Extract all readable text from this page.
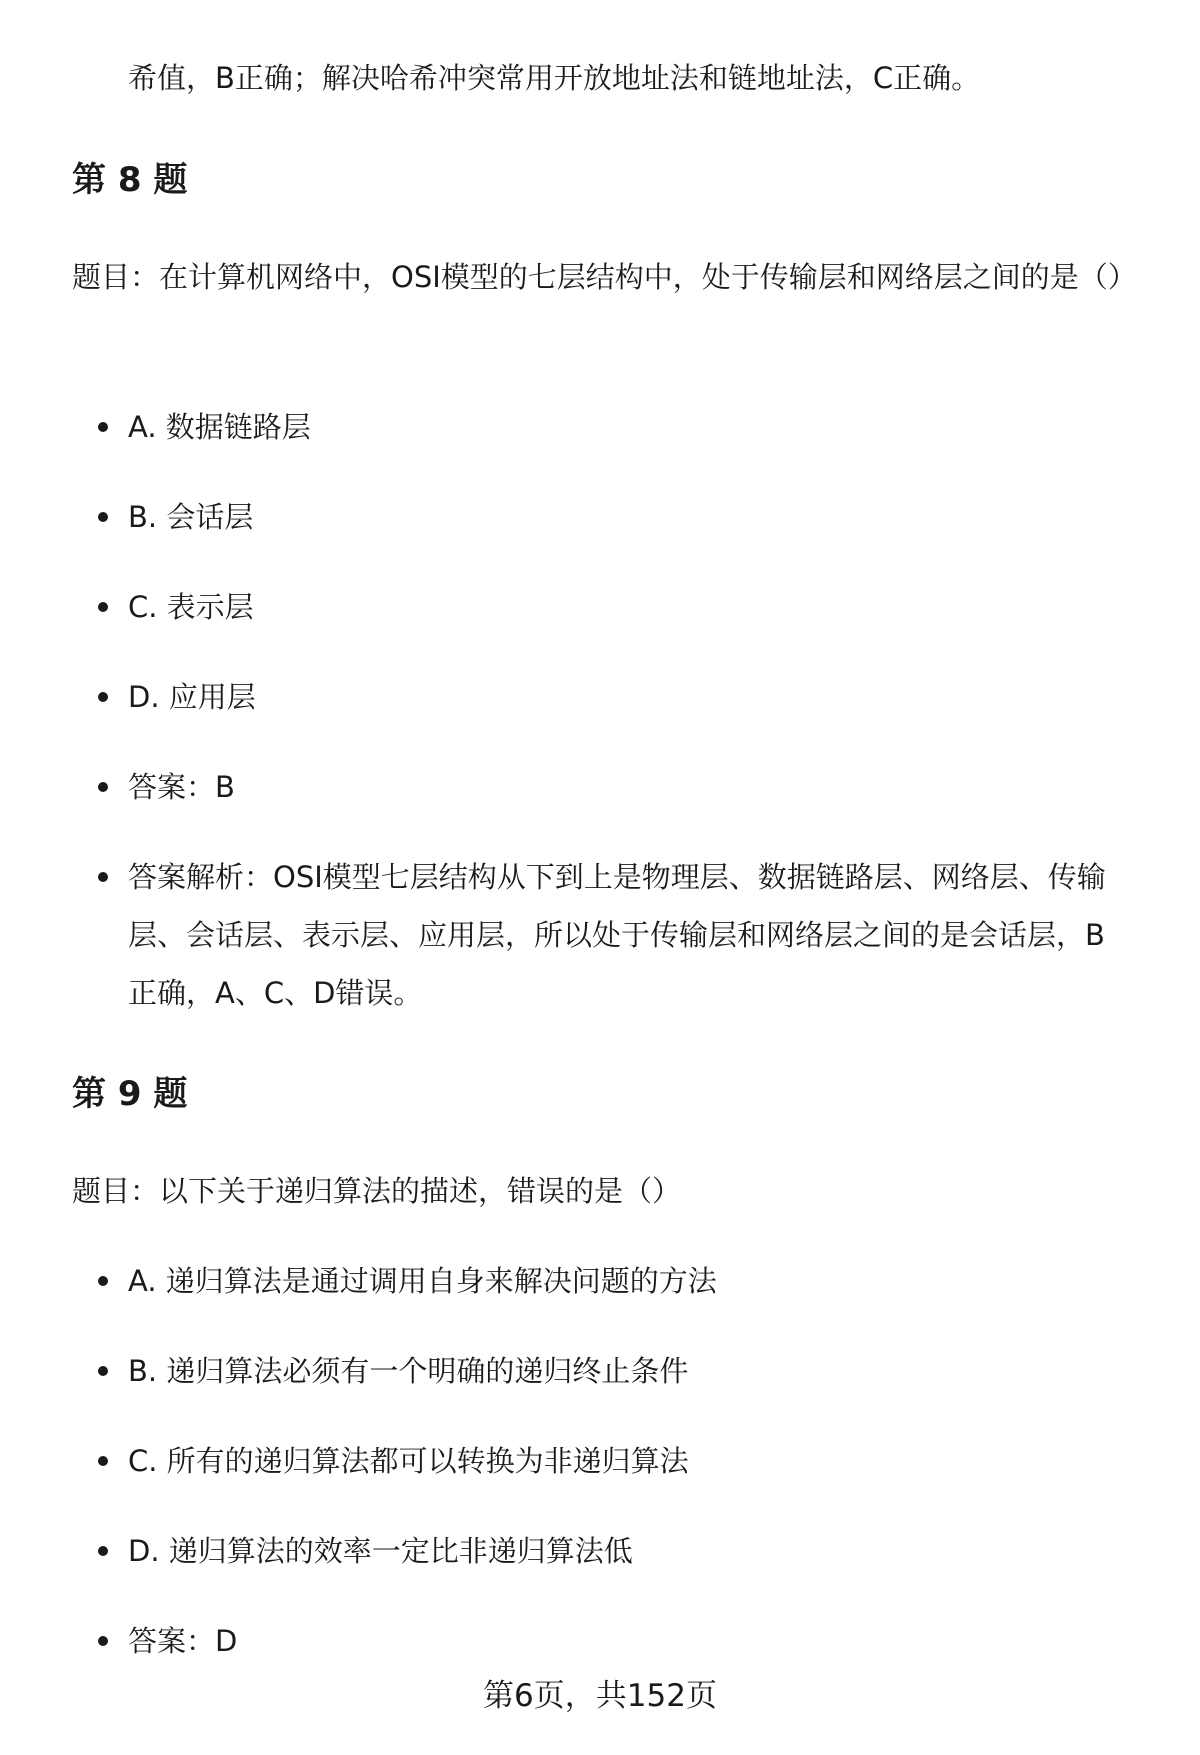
希值，B正确；解决哈希冲突常用开放地址法和链地址法，C正确。

第 8 题

题目：在计算机网络中，OSI模型的七层结构中，处于传输层和网络层之间的是（）

A. 数据链路层
B. 会话层
C. 表示层
D. 应用层
答案：B
答案解析：OSI模型七层结构从下到上是物理层、数据链路层、网络层、传输层、会话层、表示层、应用层，所以处于传输层和网络层之间的是会话层，B正确，A、C、D错误。
第 9 题

题目：以下关于递归算法的描述，错误的是（）

A. 递归算法是通过调用自身来解决问题的方法
B. 递归算法必须有一个明确的递归终止条件
C. 所有的递归算法都可以转换为非递归算法
D. 递归算法的效率一定比非递归算法低
答案：D

第6页，共152页
